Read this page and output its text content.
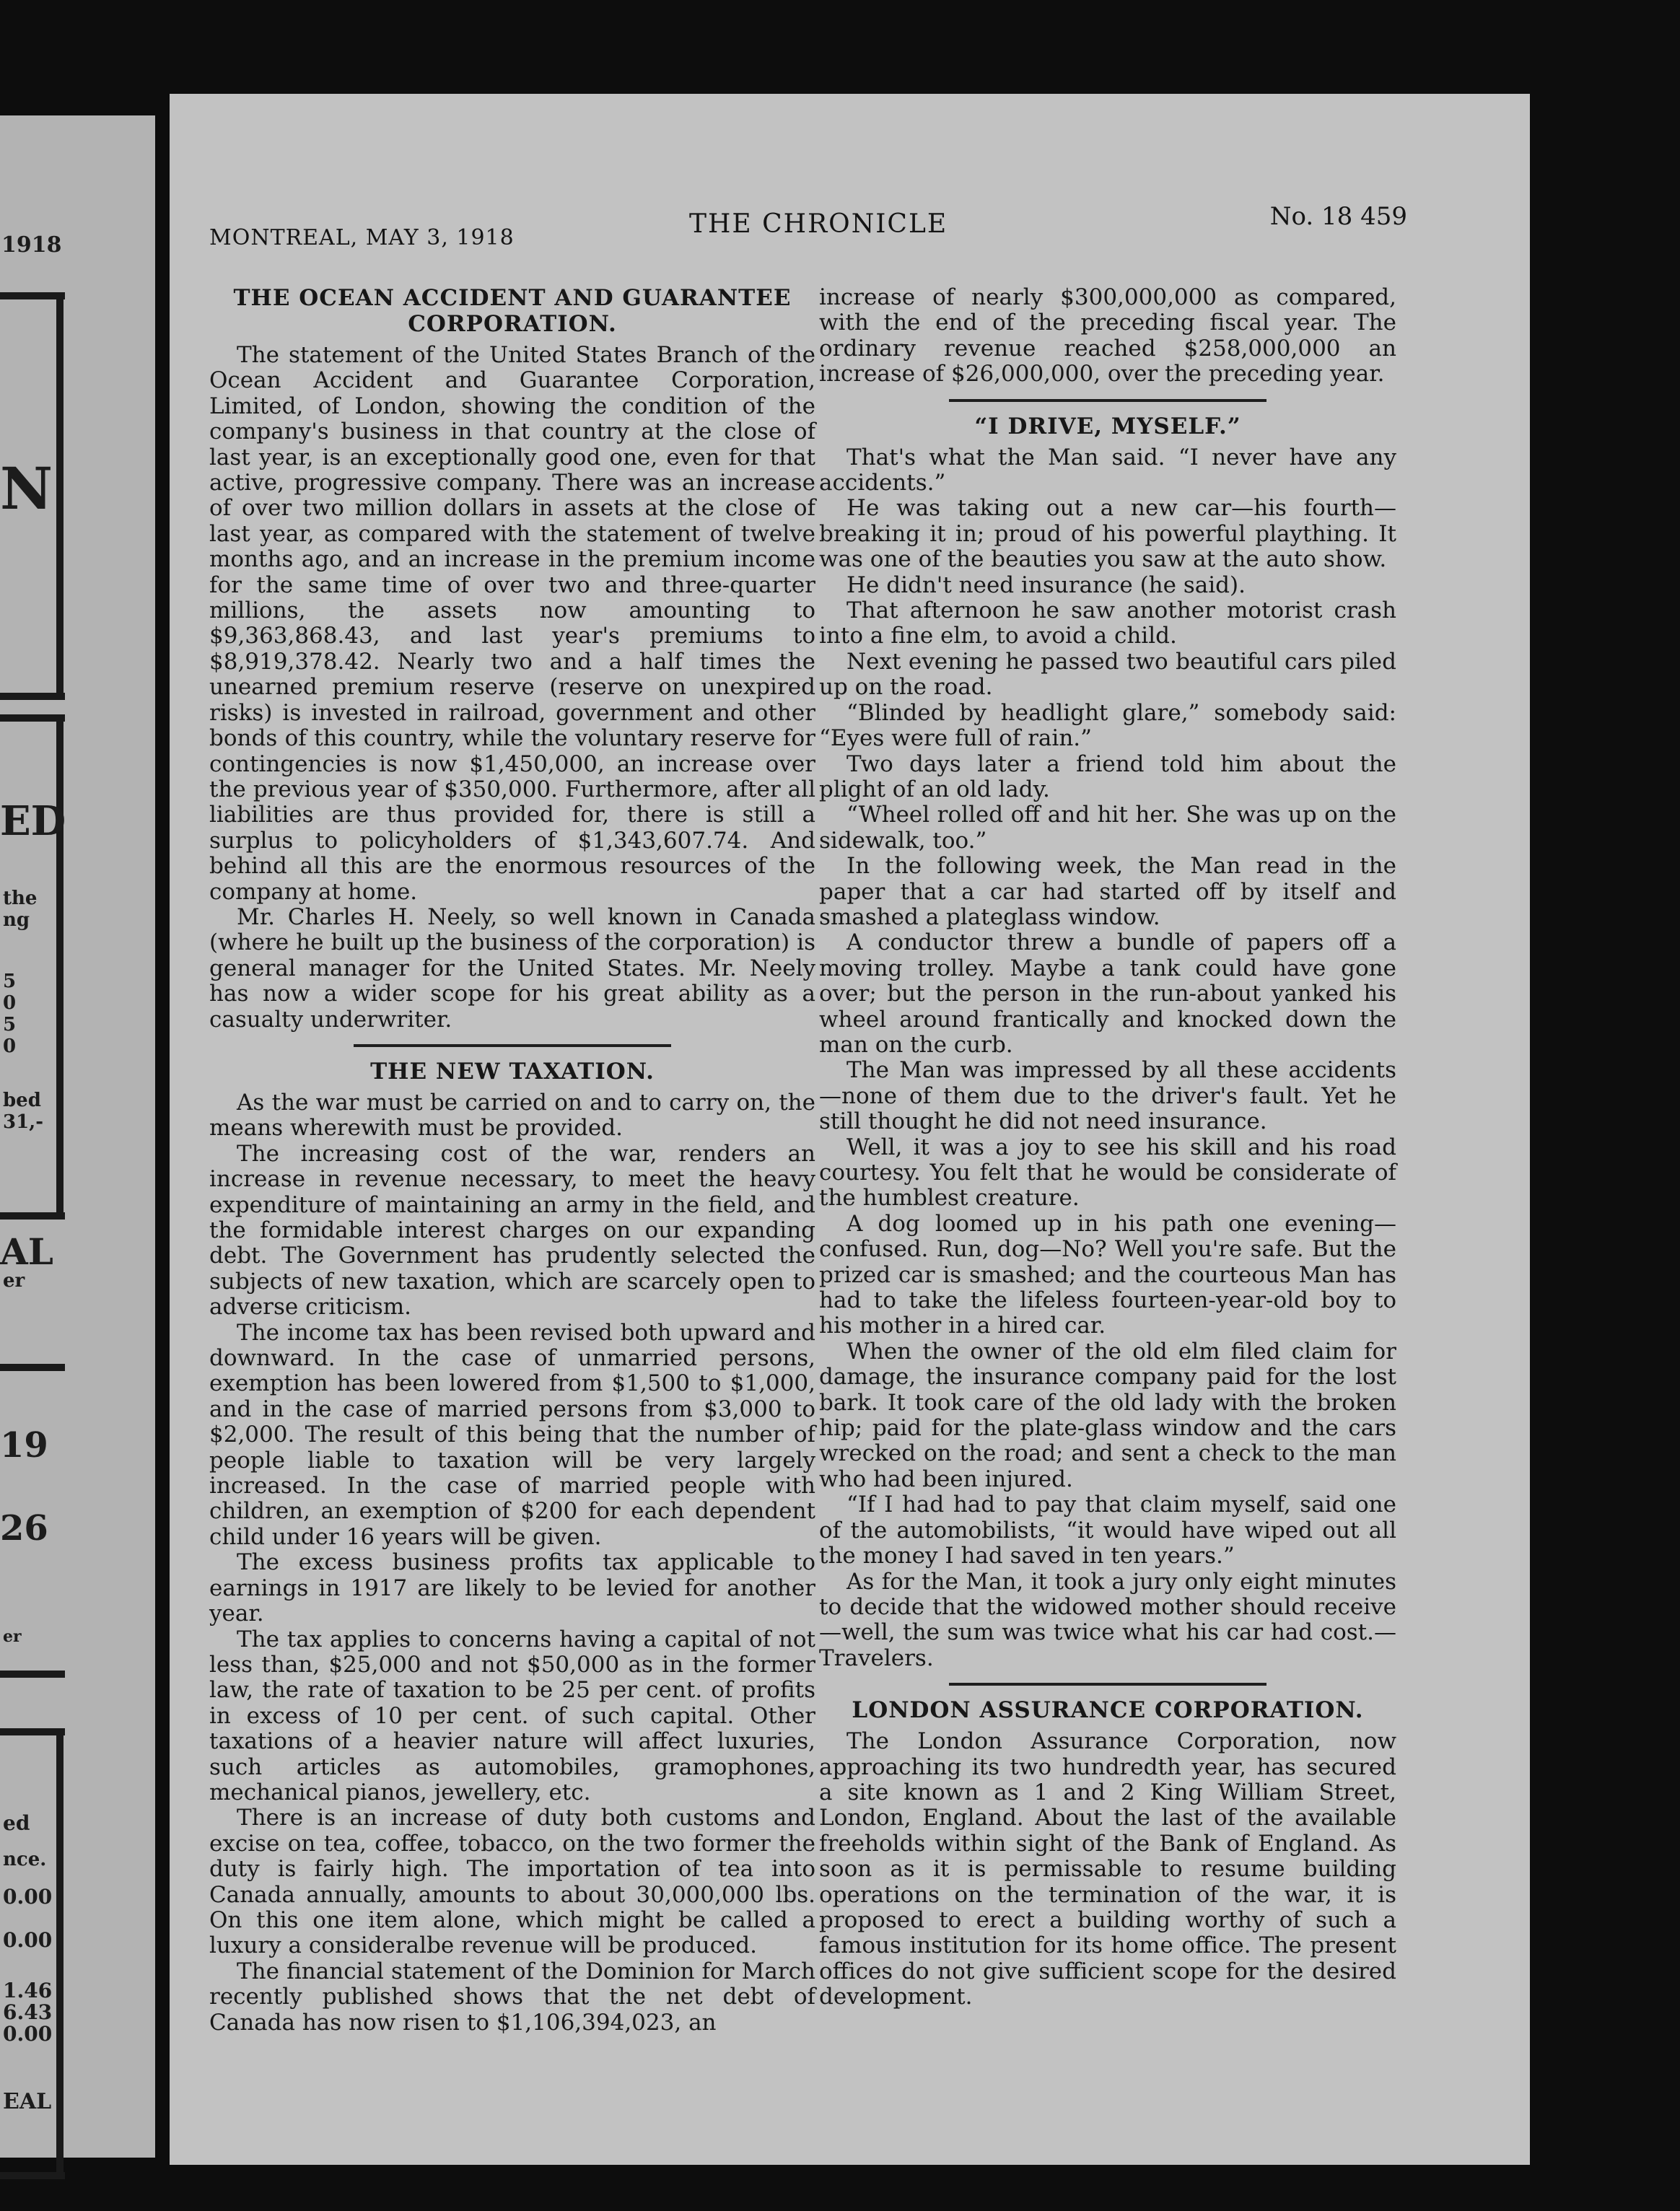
1918
N
ED
the
ng
5
0
5
0
bed
31,-
AL
er
19
26
er
ed
nce.
0.00
0.00
1.46
6.43
0.00
EAL
MONTREAL, MAY 3, 1918	THE CHRONICLE	No. 18 459
THE OCEAN ACCIDENT AND GUARANTEE
CORPORATION.

The statement of the United States Branch of the Ocean Accident and Guarantee Corporation, Limited, of London, showing the condition of the company's business in that country at the close of last year, is an exceptionally good one, even for that active, progressive company. There was an increase of over two million dollars in assets at the close of last year, as compared with the statement of twelve months ago, and an increase in the premium income for the same time of over two and three-quarter millions, the assets now amounting to $9,363,868.43, and last year's premiums to $8,919,378.42. Nearly two and a half times the unearned premium reserve (reserve on unexpired risks) is invested in railroad, government and other bonds of this country, while the voluntary reserve for contingencies is now $1,450,000, an increase over the previous year of $350,000. Furthermore, after all liabilities are thus provided for, there is still a surplus to policyholders of $1,343,607.74. And behind all this are the enormous resources of the company at home.

Mr. Charles H. Neely, so well known in Canada (where he built up the business of the corporation) is general manager for the United States. Mr. Neely has now a wider scope for his great ability as a casualty underwriter.

THE NEW TAXATION.

As the war must be carried on and to carry on, the means wherewith must be provided.

The increasing cost of the war, renders an increase in revenue necessary, to meet the heavy expenditure of maintaining an army in the field, and the formidable interest charges on our expanding debt. The Government has prudently selected the subjects of new taxation, which are scarcely open to adverse criticism.

The income tax has been revised both upward and downward. In the case of unmarried persons, exemption has been lowered from $1,500 to $1,000, and in the case of married persons from $3,000 to $2,000. The result of this being that the number of people liable to taxation will be very largely increased. In the case of married people with children, an exemption of $200 for each dependent child under 16 years will be given.

The excess business profits tax applicable to earnings in 1917 are likely to be levied for another year.

The tax applies to concerns having a capital of not less than, $25,000 and not $50,000 as in the former law, the rate of taxation to be 25 per cent. of profits in excess of 10 per cent. of such capital. Other taxations of a heavier nature will affect luxuries, such articles as automobiles, gramophones, mechanical pianos, jewellery, etc.

There is an increase of duty both customs and excise on tea, coffee, tobacco, on the two former the duty is fairly high. The importation of tea into Canada annually, amounts to about 30,000,000 lbs. On this one item alone, which might be called a luxury a consideralbe revenue will be produced.

The financial statement of the Dominion for March recently published shows that the net debt of Canada has now risen to $1,106,394,023, an

increase of nearly $300,000,000 as compared, with the end of the preceding fiscal year. The ordinary revenue reached $258,000,000 an increase of $26,000,000, over the preceding year.

“I DRIVE, MYSELF.”

That's what the Man said. “I never have any accidents.”

He was taking out a new car—his fourth—breaking it in; proud of his powerful plaything. It was one of the beauties you saw at the auto show.

He didn't need insurance (he said).

That afternoon he saw another motorist crash into a fine elm, to avoid a child.

Next evening he passed two beautiful cars piled up on the road.

“Blinded by headlight glare,” somebody said: “Eyes were full of rain.”

Two days later a friend told him about the plight of an old lady.

“Wheel rolled off and hit her. She was up on the sidewalk, too.”

In the following week, the Man read in the paper that a car had started off by itself and smashed a plateglass window.

A conductor threw a bundle of papers off a moving trolley. Maybe a tank could have gone over; but the person in the run-about yanked his wheel around frantically and knocked down the man on the curb.

The Man was impressed by all these accidents —none of them due to the driver's fault. Yet he still thought he did not need insurance.

Well, it was a joy to see his skill and his road courtesy. You felt that he would be considerate of the humblest creature.

A dog loomed up in his path one evening—confused. Run, dog—No? Well you're safe. But the prized car is smashed; and the courteous Man has had to take the lifeless fourteen-year-old boy to his mother in a hired car.

When the owner of the old elm filed claim for damage, the insurance company paid for the lost bark. It took care of the old lady with the broken hip; paid for the plate-glass window and the cars wrecked on the road; and sent a check to the man who had been injured.

“If I had had to pay that claim myself, said one of the automobilists, “it would have wiped out all the money I had saved in ten years.”

As for the Man, it took a jury only eight minutes to decide that the widowed mother should receive—well, the sum was twice what his car had cost.—Travelers.

LONDON ASSURANCE CORPORATION.

The London Assurance Corporation, now approaching its two hundredth year, has secured a site known as 1 and 2 King William Street, London, England. About the last of the available freeholds within sight of the Bank of England. As soon as it is permissable to resume building operations on the termination of the war, it is proposed to erect a building worthy of such a famous institution for its home office. The present offices do not give sufficient scope for the desired development.
